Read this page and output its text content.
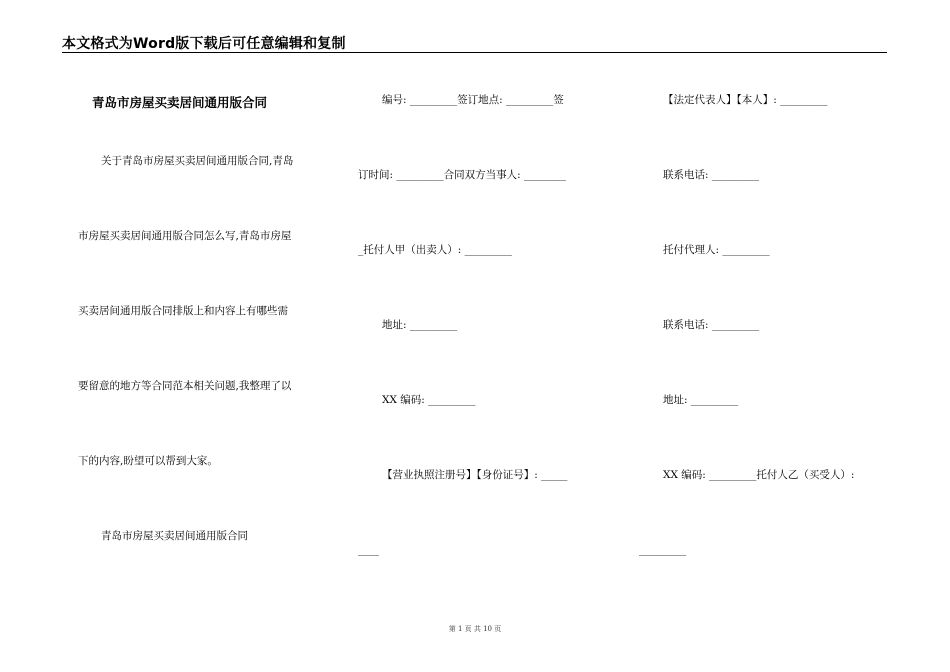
本文格式为Word版下载后可任意编辑和复制
青岛市房屋买卖居间通用版合同
关于青岛市房屋买卖居间通用版合同,青岛
市房屋买卖居间通用版合同怎么写,青岛市房屋
买卖居间通用版合同排版上和内容上有哪些需
要留意的地方等合同范本相关问题,我整理了以
下的内容,盼望可以帮到大家。
青岛市房屋买卖居间通用版合同
编号: _________签订地点: _________签
订时间: _________合同双方当事人: ________
_托付人甲（出卖人）: _________
地址: _________
XX 编码: _________
【营业执照注册号】【身份证号】: _____
____
【法定代表人】【本人】: _________
联系电话: _________
托付代理人: _________
联系电话: _________
地址: _________
XX 编码: _________托付人乙（买受人）:
_________
第 1 页 共 10 页
